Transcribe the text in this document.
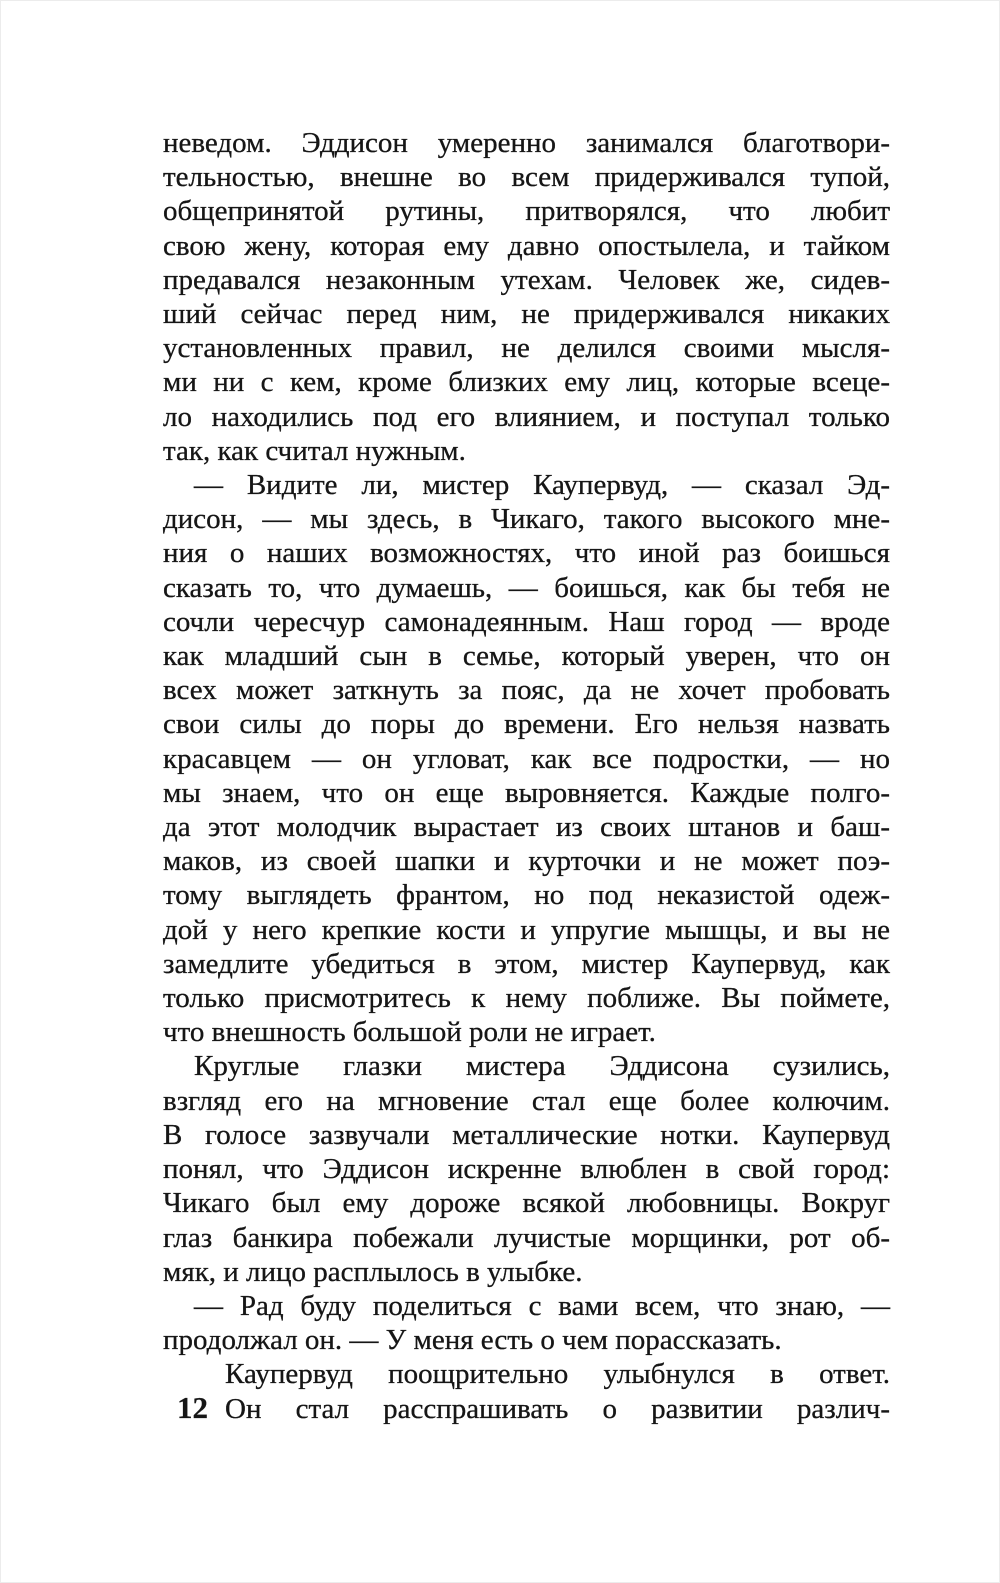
неведом. Эддисон умеренно занимался благотвори-
тельностью, внешне во всем придерживался тупой,
общепринятой рутины, притворялся, что любит
свою жену, которая ему давно опостылела, и тайком
предавался незаконным утехам. Человек же, сидев-
ший сейчас перед ним, не придерживался никаких
установленных правил, не делился своими мысля-
ми ни с кем, кроме близких ему лиц, которые всеце-
ло находились под его влиянием, и поступал только
так, как считал нужным.
— Видите ли, мистер Каупервуд, — сказал Эд-
дисон, — мы здесь, в Чикаго, такого высокого мне-
ния о наших возможностях, что иной раз боишься
сказать то, что думаешь, — боишься, как бы тебя не
сочли чересчур самонадеянным. Наш город — вроде
как младший сын в семье, который уверен, что он
всех может заткнуть за пояс, да не хочет пробовать
свои силы до поры до времени. Его нельзя назвать
красавцем — он угловат, как все подростки, — но
мы знаем, что он еще выровняется. Каждые полго-
да этот молодчик вырастает из своих штанов и баш-
маков, из своей шапки и курточки и не может поэ-
тому выглядеть франтом, но под неказистой одеж-
дой у него крепкие кости и упругие мышцы, и вы не
замедлите убедиться в этом, мистер Каупервуд, как
только присмотритесь к нему поближе. Вы поймете,
что внешность большой роли не играет.
Круглые глазки мистера Эддисона сузились,
взгляд его на мгновение стал еще более колючим.
В голосе зазвучали металлические нотки. Каупервуд
понял, что Эддисон искренне влюблен в свой город:
Чикаго был ему дороже всякой любовницы. Вокруг
глаз банкира побежали лучистые морщинки, рот об-
мяк, и лицо расплылось в улыбке.
— Рад буду поделиться с вами всем, что знаю, —
продолжал он. — У меня есть о чем порассказать.
Каупервуд поощрительно улыбнулся в ответ.
Он стал расспрашивать о развитии различ-
12
